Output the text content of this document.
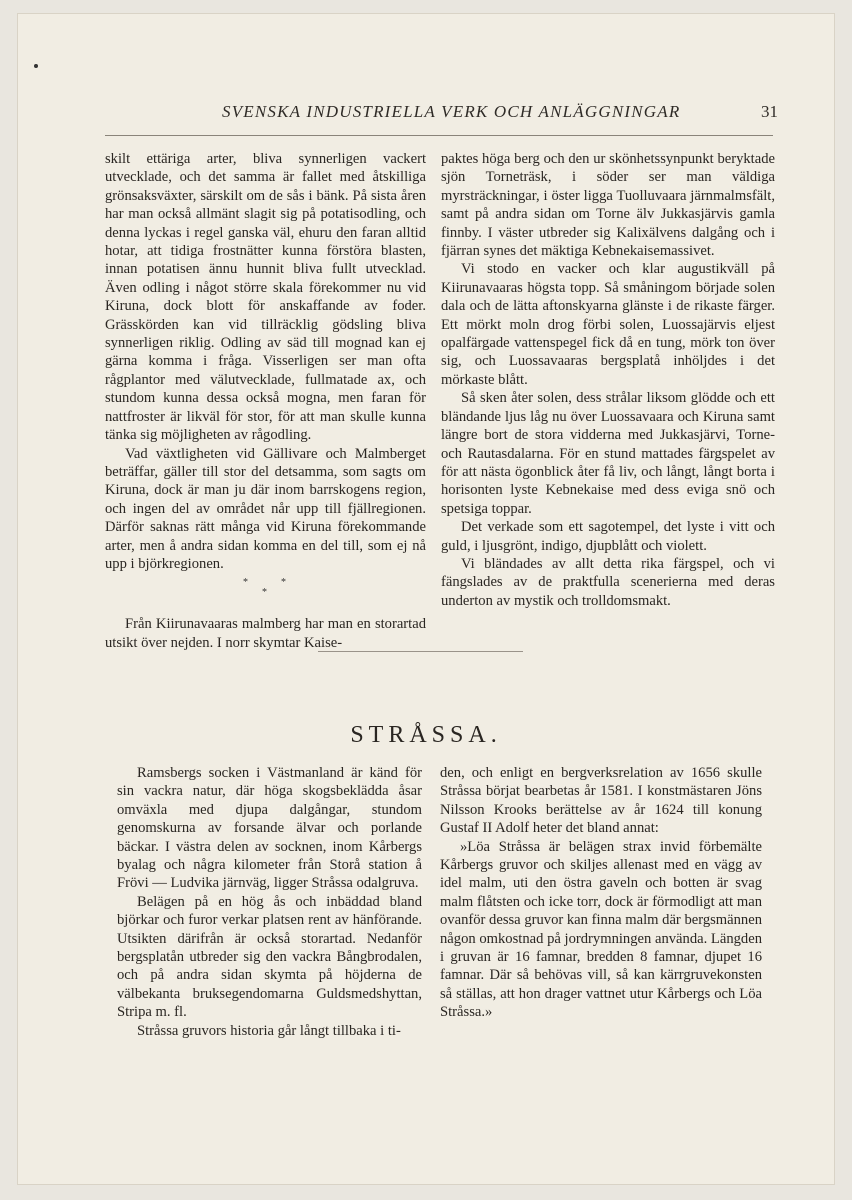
SVENSKA INDUSTRIELLA VERK OCH ANLÄGGNINGAR	31

skilt ettäriga arter, bliva synnerligen vackert utvecklade, och det samma är fallet med åtskilliga grönsaksväxter, särskilt om de sås i bänk. På sista åren har man också allmänt slagit sig på potatisodling, och denna lyckas i regel ganska väl, ehuru den faran alltid hotar, att tidiga frostnätter kunna förstöra blasten, innan potatisen ännu hunnit bliva fullt utvecklad. Även odling i något större skala förekommer nu vid Kiruna, dock blott för anskaffande av foder. Grässkörden kan vid tillräcklig gödsling bliva synnerligen riklig. Odling av säd till mognad kan ej gärna komma i fråga. Visserligen ser man ofta rågplantor med välutvecklade, fullmatade ax, och stundom kunna dessa också mogna, men faran för nattfroster är likväl för stor, för att man skulle kunna tänka sig möjligheten av rågodling.

Vad växtligheten vid Gällivare och Malmberget beträffar, gäller till stor del detsamma, som sagts om Kiruna, dock är man ju där inom barrskogens region, och ingen del av området når upp till fjällregionen. Därför saknas rätt många vid Kiruna förekommande arter, men å andra sidan komma en del till, som ej nå upp i björkregionen.

*	*
*

Från Kiirunavaaras malmberg har man en storartad utsikt över nejden. I norr skymtar Kaise-

paktes höga berg och den ur skönhetssynpunkt beryktade sjön Torneträsk, i söder ser man väldiga myrsträckningar, i öster ligga Tuolluvaara järnmalmsfält, samt på andra sidan om Torne älv Jukkasjärvis gamla finnby. I väster utbreder sig Kalixälvens dalgång och i fjärran synes det mäktiga Kebnekaisemassivet.

Vi stodo en vacker och klar augustikväll på Kiirunavaaras högsta topp. Så småningom började solen dala och de lätta aftonskyarna glänste i de rikaste färger. Ett mörkt moln drog förbi solen, Luossajärvis eljest opalfärgade vattenspegel fick då en tung, mörk ton över sig, och Luossavaaras bergsplatå inhöljdes i det mörkaste blått.

Så sken åter solen, dess strålar liksom glödde och ett bländande ljus låg nu över Luossavaara och Kiruna samt längre bort de stora vidderna med Jukkasjärvi, Torne- och Rautasdalarna. För en stund mattades färgspelet av för att nästa ögonblick åter få liv, och långt, långt borta i horisonten lyste Kebnekaise med dess eviga snö och spetsiga toppar.

Det verkade som ett sagotempel, det lyste i vitt och guld, i ljusgrönt, indigo, djupblått och violett.

Vi bländades av allt detta rika färgspel, och vi fängslades av de praktfulla scenerierna med deras underton av mystik och trolldomsmakt.

STRÅSSA.

Ramsbergs socken i Västmanland är känd för sin vackra natur, där höga skogsbeklädda åsar omväxla med djupa dalgångar, stundom genomskurna av forsande älvar och porlande bäckar. I västra delen av socknen, inom Kårbergs byalag och några kilometer från Storå station å Frövi — Ludvika järnväg, ligger Stråssa odalgruva.

Belägen på en hög ås och inbäddad bland björkar och furor verkar platsen rent av hänförande. Utsikten därifrån är också storartad. Nedanför bergsplatån utbreder sig den vackra Bångbrodalen, och på andra sidan skymta på höjderna de välbekanta bruksegendomarna Guldsmedshyttan, Stripa m. fl.

Stråssa gruvors historia går långt tillbaka i ti-

den, och enligt en bergverksrelation av 1656 skulle Stråssa börjat bearbetas år 1581. I konstmästaren Jöns Nilsson Krooks berättelse av år 1624 till konung Gustaf II Adolf heter det bland annat:

»Löa Stråssa är belägen strax invid förbemälte Kårbergs gruvor och skiljes allenast med en vägg av idel malm, uti den östra gaveln och botten är svag malm flåtsten och icke torr, dock är förmodligt att man ovanför dessa gruvor kan finna malm där bergsmännen någon omkostnad på jordrymningen använda. Längden i gruvan är 16 famnar, bredden 8 famnar, djupet 16 famnar. Där så behövas vill, så kan kärrgruvekonsten så ställas, att hon drager vattnet utur Kårbergs och Löa Stråssa.»
